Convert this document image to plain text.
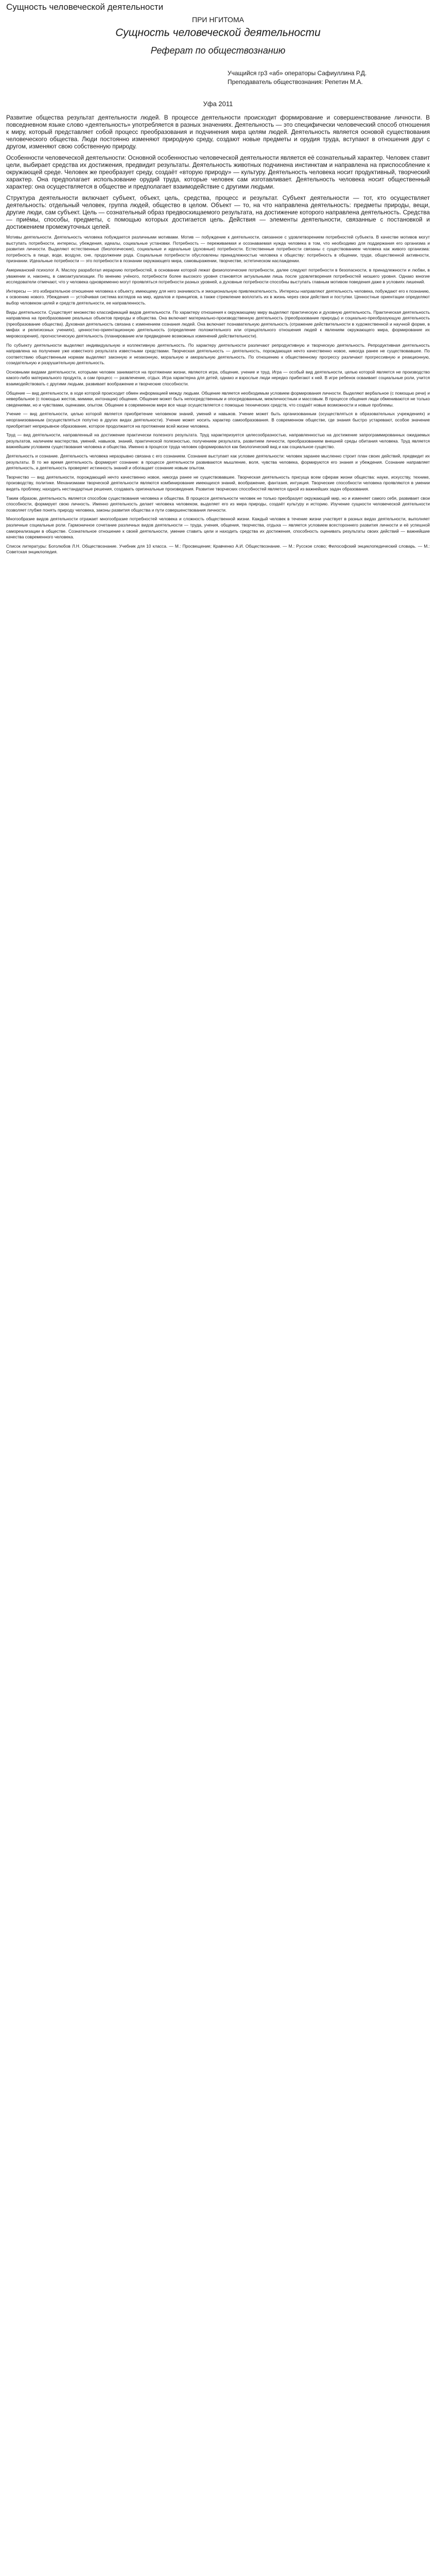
Сущность человеческой деятельности
ПРИ НГИТОМА
Сущность человеческой деятельности
Реферат по обществознанию
Учащийся гр3 «аб» операторы Сафиуллина Р.Д.
Преподаватель обществознания: Репетин М.А.
Уфа 2011

Развитие общества результат деятельности людей. В процессе деятельности происходит формирование и совершенствование личности. В повседневном языке слово «деятельность» употребляется в разных значениях. Деятельность — это специфически человеческий способ отношения к миру, который представляет собой процесс преобразования и подчинения мира целям людей. Деятельность является основой существования человеческого общества. Люди постоянно изменяют природную среду, создают новые предметы и орудия труда, вступают в отношения друг с другом, изменяют свою собственную природу.

Особенности человеческой деятельности: Основной особенностью человеческой деятельности является её сознательный характер. Человек ставит цели, выбирает средства их достижения, предвидит результаты. Деятельность животных подчинена инстинктам и направлена на приспособление к окружающей среде. Человек же преобразует среду, создаёт «вторую природу» — культуру. Деятельность человека носит продуктивный, творческий характер. Она предполагает использование орудий труда, которые человек сам изготавливает. Деятельность человека носит общественный характер: она осуществляется в обществе и предполагает взаимодействие с другими людьми.

Структура деятельности включает субъект, объект, цель, средства, процесс и результат. Субъект деятельности — тот, кто осуществляет деятельность: отдельный человек, группа людей, общество в целом. Объект — то, на что направлена деятельность: предметы природы, вещи, другие люди, сам субъект. Цель — сознательный образ предвосхищаемого результата, на достижение которого направлена деятельность. Средства — приёмы, способы, предметы, с помощью которых достигается цель. Действия — элементы деятельности, связанные с постановкой и достижением промежуточных целей.

Мотивы деятельности. Деятельность человека побуждается различными мотивами. Мотив — побуждение к деятельности, связанное с удовлетворением потребностей субъекта. В качестве мотивов могут выступать потребности, интересы, убеждения, идеалы, социальные установки. Потребность — переживаемая и осознаваемая нужда человека в том, что необходимо для поддержания его организма и развития личности. Выделяют естественные (биологические), социальные и идеальные (духовные) потребности. Естественные потребности связаны с существованием человека как живого организма: потребность в пище, воде, воздухе, сне, продолжении рода. Социальные потребности обусловлены принадлежностью человека к обществу: потребность в общении, труде, общественной активности, признании. Идеальные потребности — это потребности в познании окружающего мира, самовыражении, творчестве, эстетическом наслаждении.

Американский психолог А. Маслоу разработал иерархию потребностей, в основании которой лежат физиологические потребности, далее следуют потребности в безопасности, в принадлежности и любви, в уважении и, наконец, в самоактуализации. По мнению учёного, потребности более высокого уровня становятся актуальными лишь после удовлетворения потребностей низшего уровня. Однако многие исследователи отмечают, что у человека одновременно могут проявляться потребности разных уровней, а духовные потребности способны выступать главным мотивом поведения даже в условиях лишений.

Интересы — это избирательное отношение человека к объекту, имеющему для него значимость и эмоциональную привлекательность. Интересы направляют деятельность человека, побуждают его к познанию, к освоению нового. Убеждения — устойчивая система взглядов на мир, идеалов и принципов, а также стремление воплотить их в жизнь через свои действия и поступки. Ценностные ориентации определяют выбор человеком целей и средств деятельности, ее направленность.

Виды деятельности. Существует множество классификаций видов деятельности. По характеру отношения к окружающему миру выделяют практическую и духовную деятельность. Практическая деятельность направлена на преобразование реальных объектов природы и общества. Она включает материально-производственную деятельность (преобразование природы) и социально-преобразующую деятельность (преобразование общества). Духовная деятельность связана с изменением сознания людей. Она включает познавательную деятельность (отражение действительности в художественной и научной форме, в мифах и религиозных учениях), ценностно-ориентационную деятельность (определение положительного или отрицательного отношения людей к явлениям окружающего мира, формирование их мировоззрения), прогностическую деятельность (планирование или предвидение возможных изменений действительности).

По субъекту деятельности выделяют индивидуальную и коллективную деятельность. По характеру деятельности различают репродуктивную и творческую деятельность. Репродуктивная деятельность направлена на получение уже известного результата известными средствами. Творческая деятельность — деятельность, порождающая нечто качественно новое, никогда ранее не существовавшее. По соответствию общественным нормам выделяют законную и незаконную, моральную и аморальную деятельность. По отношению к общественному прогрессу различают прогрессивную и реакционную, созидательную и разрушительную деятельность.

Основными видами деятельности, которыми человек занимается на протяжении жизни, являются игра, общение, учение и труд. Игра — особый вид деятельности, целью которой является не производство какого-либо материального продукта, а сам процесс — развлечение, отдых. Игра характерна для детей, однако и взрослые люди нередко прибегают к ней. В игре ребенок осваивает социальные роли, учится взаимодействовать с другими людьми, развивает воображение и творческие способности.

Общение — вид деятельности, в ходе которой происходит обмен информацией между людьми. Общение является необходимым условием формирования личности. Выделяют вербальное (с помощью речи) и невербальное (с помощью жестов, мимики, интонации) общение. Общение может быть непосредственным и опосредованным, межличностным и массовым. В процессе общения люди обмениваются не только сведениями, но и чувствами, оценками, опытом. Общение в современном мире все чаще осуществляется с помощью технических средств, что создаёт новые возможности и новые проблемы.

Учение — вид деятельности, целью которой является приобретение человеком знаний, умений и навыков. Учение может быть организованным (осуществляться в образовательных учреждениях) и неорганизованным (осуществляться попутно в других видах деятельности). Учение может носить характер самообразования. В современном обществе, где знания быстро устаревают, особое значение приобретает непрерывное образование, которое продолжается на протяжении всей жизни человека.

Труд — вид деятельности, направленный на достижение практически полезного результата. Труд характеризуется целесообразностью, направленностью на достижение запрограммированных ожидаемых результатов, наличием мастерства, умений, навыков, знаний, практической полезностью, получением результата, развитием личности, преобразованием внешней среды обитания человека. Труд является важнейшим условием существования человека и общества. Именно в процессе труда человек сформировался как биологический вид и как социальное существо.

Деятельность и сознание. Деятельность человека неразрывно связана с его сознанием. Сознание выступает как условие деятельности: человек заранее мысленно строит план своих действий, предвидит их результаты. В то же время деятельность формирует сознание: в процессе деятельности развиваются мышление, воля, чувства человека, формируются его знания и убеждения. Сознание направляет деятельность, а деятельность проверяет истинность знаний и обогащает сознание новым опытом.

Творчество — вид деятельности, порождающий нечто качественно новое, никогда ранее не существовавшее. Творческая деятельность присуща всем сферам жизни общества: науке, искусству, технике, производству, политике. Механизмами творческой деятельности являются комбинирование имеющихся знаний, воображение, фантазия, интуиция. Творческие способности человека проявляются в умении видеть проблему, находить нестандартные решения, создавать оригинальные произведения. Развитие творческих способностей является одной из важнейших задач образования.

Таким образом, деятельность является способом существования человека и общества. В процессе деятельности человек не только преобразует окружающий мир, но и изменяет самого себя, развивает свои способности, формирует свою личность. Именно деятельность делает человека человеком, выделяет его из мира природы, создаёт культуру и историю. Изучение сущности человеческой деятельности позволяет глубже понять природу человека, законы развития общества и пути совершенствования личности.

Многообразие видов деятельности отражает многообразие потребностей человека и сложность общественной жизни. Каждый человек в течение жизни участвует в разных видах деятельности, выполняет различные социальные роли. Гармоничное сочетание различных видов деятельности — труда, учения, общения, творчества, отдыха — является условием всестороннего развития личности и её успешной самореализации в обществе. Сознательное отношение к своей деятельности, умение ставить цели и находить средства их достижения, способность оценивать результаты своих действий — важнейшие качества современного человека.

Список литературы: Боголюбов Л.Н. Обществознание. Учебник для 10 класса. — М.: Просвещение; Кравченко А.И. Обществознание. — М.: Русское слово; Философский энциклопедический словарь. — М.: Советская энциклопедия.
